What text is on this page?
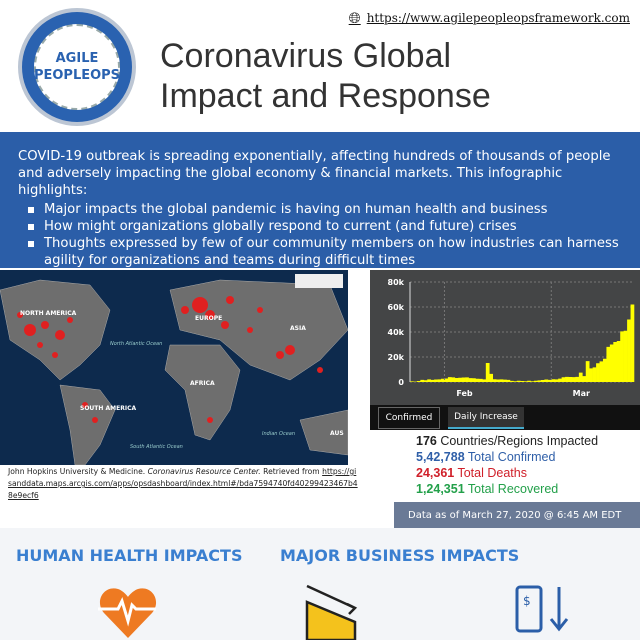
AGILE
PEOPLEOPS
🌐︎ https://www.agilepeopleopsframework.com
Coronavirus Global
Impact and Response

COVID-19 outbreak is spreading exponentially, affecting hundreds of thousands of people and adversely impacting the global economy & financial markets. This infographic highlights:

Major impacts the global pandemic is having on human health and business
How might organizations globally respond to current (and future) crises
Thoughts expressed by few of our community members on how industries can harness agility for organizations and teams during difficult times
NORTH AMERICA
EUROPE
ASIA
AFRICA
SOUTH AMERICA
AUS
North Atlantic Ocean
South Atlantic Ocean
Indian Ocean
John Hopkins University & Medicine. Coronavirus Resource Center. Retrieved from https://gisanddata.maps.arcgis.com/apps/opsdashboard/index.html#/bda7594740fd40299423467b48e9ecf6
0
20k
40k
60k
80k
Feb	Mar
Confirmed	Daily Increase
176 Countries/Regions Impacted
5,42,788 Total Confirmed
24,361 Total Deaths
1,24,351 Total Recovered
Data as of March 27, 2020 @ 6:45 AM EDT
HUMAN HEALTH IMPACTS MAJOR BUSINESS IMPACTS
$
